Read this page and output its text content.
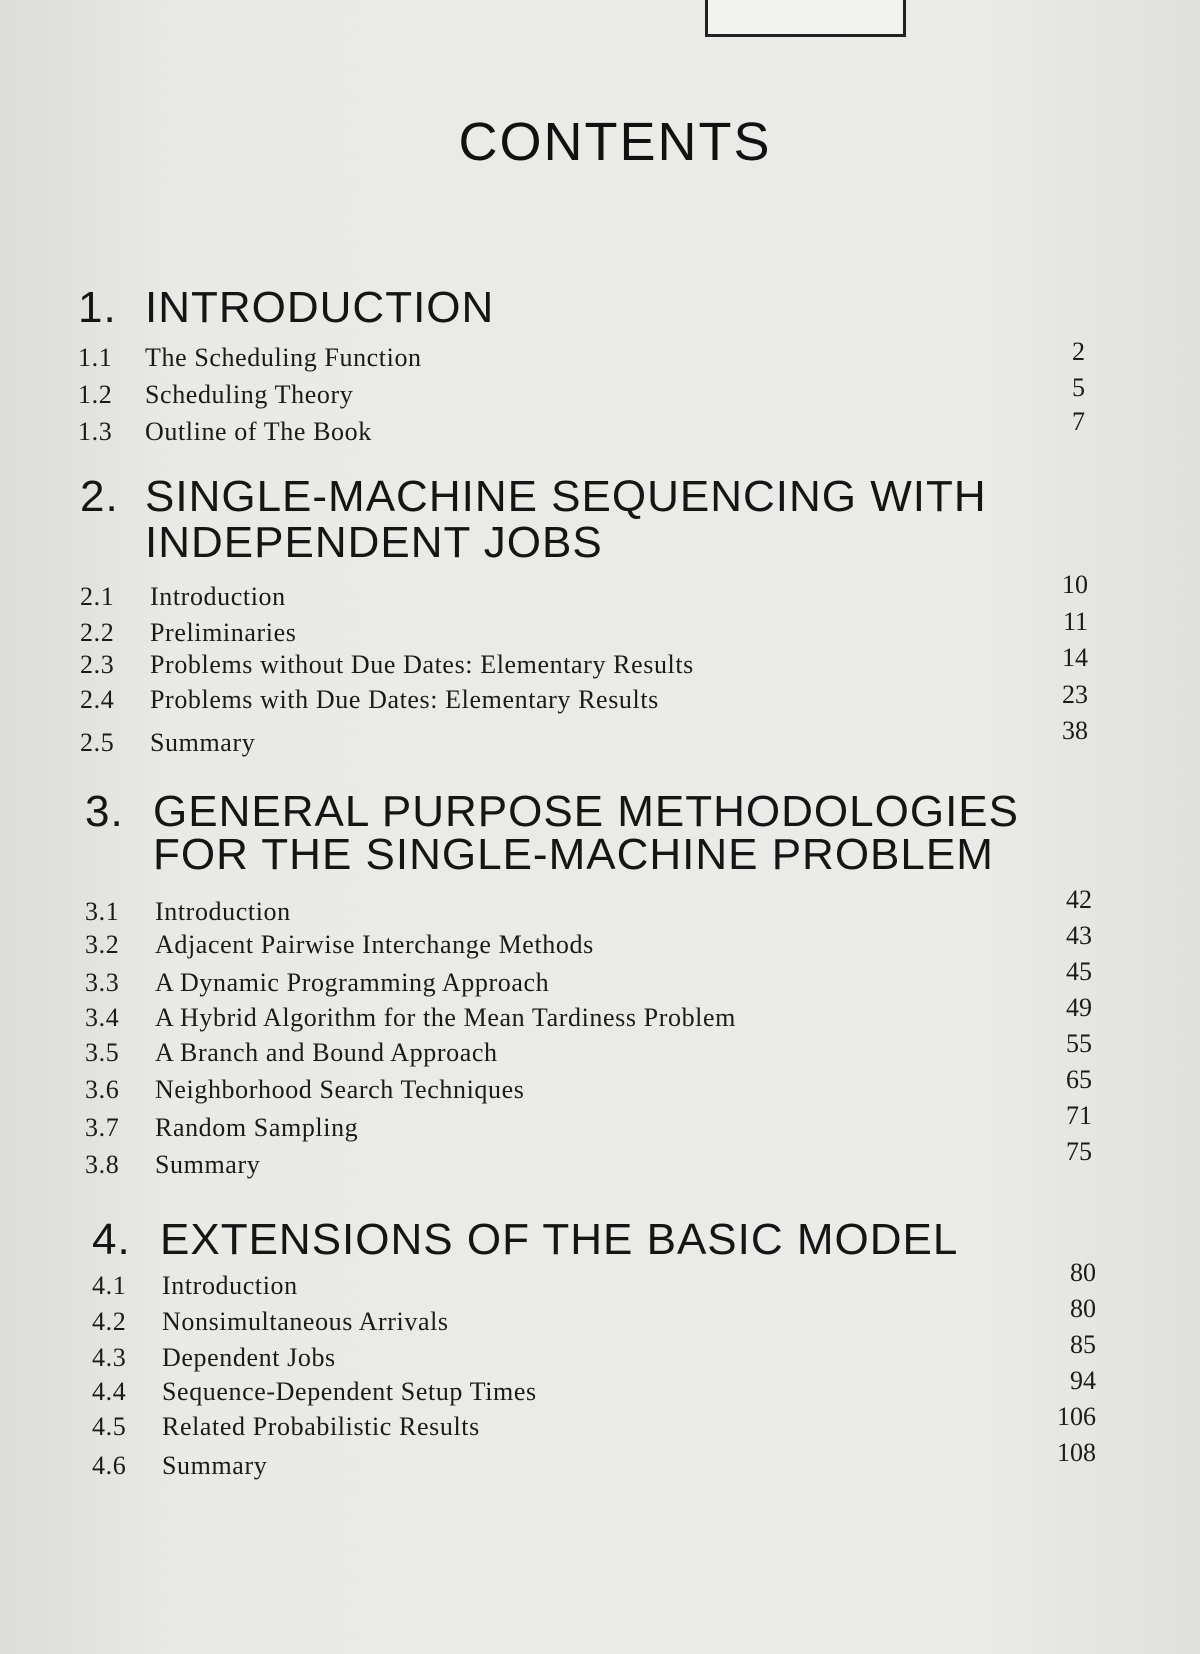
CONTENTS
1. INTRODUCTION
1.1 The Scheduling Function	2
1.2 Scheduling Theory	5
1.3 Outline of The Book	7
2. SINGLE-MACHINE SEQUENCING WITH
INDEPENDENT JOBS
2.1 Introduction	10
2.2 Preliminaries	11
2.3 Problems without Due Dates: Elementary Results	14
2.4 Problems with Due Dates: Elementary Results	23
2.5 Summary	38
3. GENERAL PURPOSE METHODOLOGIES
FOR THE SINGLE-MACHINE PROBLEM
3.1 Introduction	42
3.2 Adjacent Pairwise Interchange Methods	43
3.3 A Dynamic Programming Approach	45
3.4 A Hybrid Algorithm for the Mean Tardiness Problem	49
3.5 A Branch and Bound Approach	55
3.6 Neighborhood Search Techniques	65
3.7 Random Sampling	71
3.8 Summary	75
4. EXTENSIONS OF THE BASIC MODEL
4.1 Introduction	80
4.2 Nonsimultaneous Arrivals	80
4.3 Dependent Jobs	85
4.4 Sequence-Dependent Setup Times	94
4.5 Related Probabilistic Results	106
4.6 Summary	108
